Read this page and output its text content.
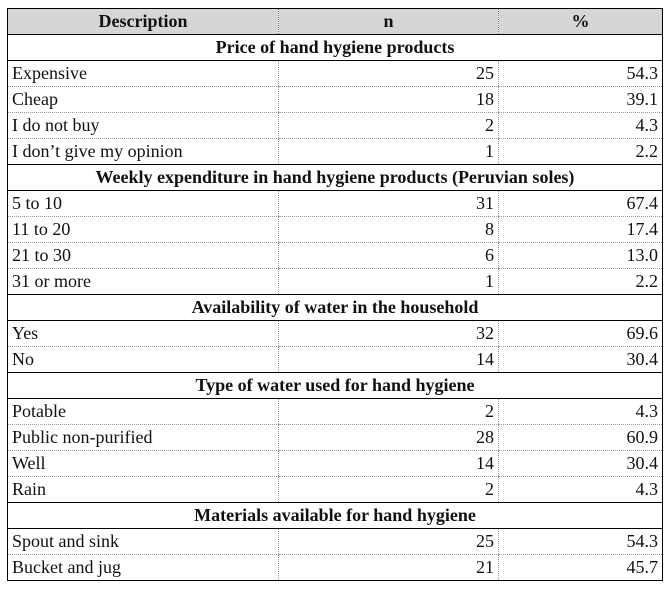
Description	n	%
Price of hand hygiene products		
Expensive	25	54.3
Cheap	18	39.1
I do not buy	2	4.3
I don’t give my opinion	1	2.2
Weekly expenditure in hand hygiene products (Peruvian soles)		
5 to 10	31	67.4
11 to 20	8	17.4
21 to 30	6	13.0
31 or more	1	2.2
Availability of water in the household		
Yes	32	69.6
No	14	30.4
Type of water used for hand hygiene		
Potable	2	4.3
Public non-purified	28	60.9
Well	14	30.4
Rain	2	4.3
Materials available for hand hygiene		
Spout and sink	25	54.3
Bucket and jug	21	45.7
